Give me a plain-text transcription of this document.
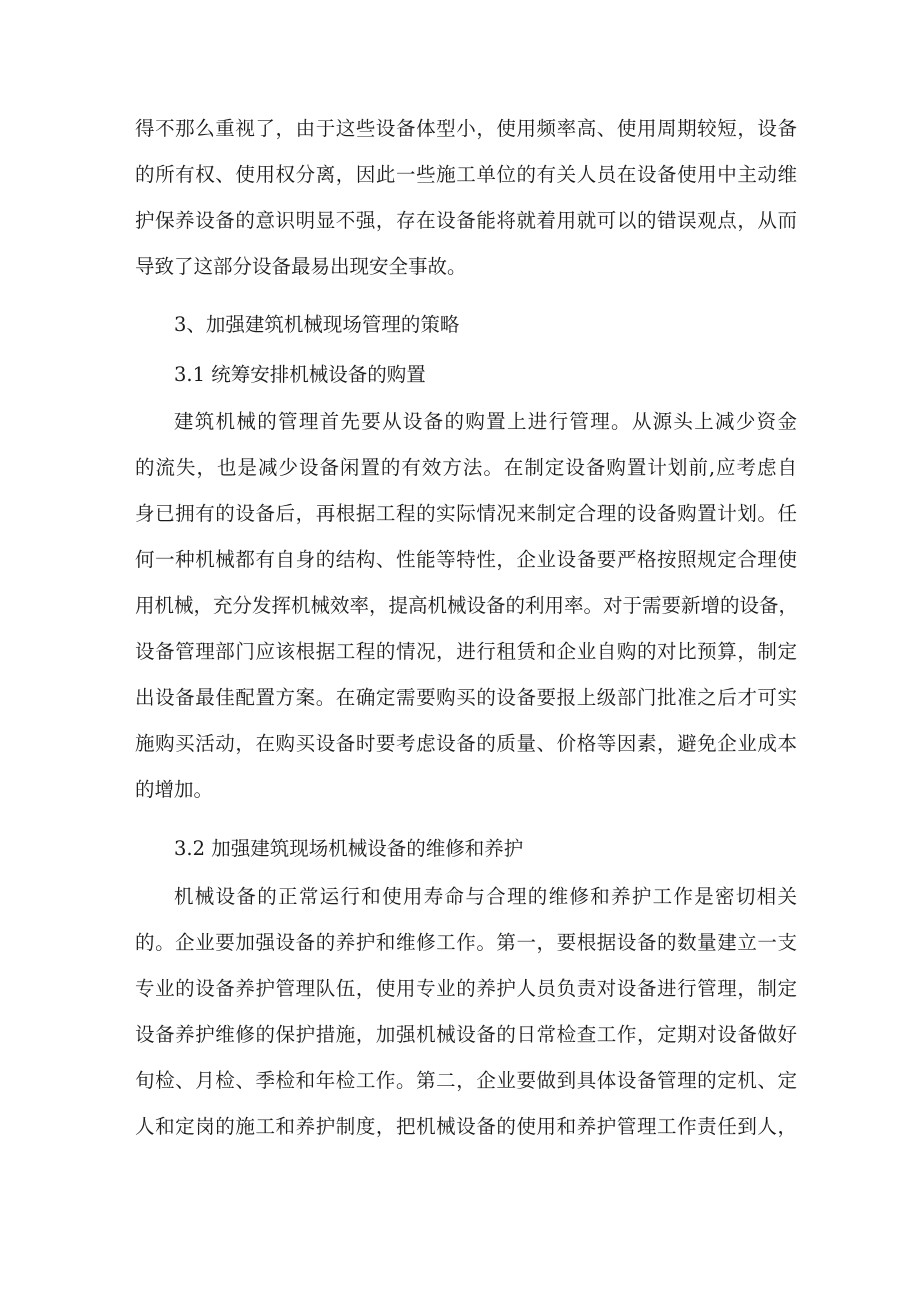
得不那么重视了，由于这些设备体型小，使用频率高、使用周期较短，设备
的所有权、使用权分离，因此一些施工单位的有关人员在设备使用中主动维
护保养设备的意识明显不强，存在设备能将就着用就可以的错误观点，从而
导致了这部分设备最易出现安全事故。
3、加强建筑机械现场管理的策略
3.1 统筹安排机械设备的购置
建筑机械的管理首先要从设备的购置上进行管理。从源头上减少资金
的流失，也是减少设备闲置的有效方法。在制定设备购置计划前,应考虑自
身已拥有的设备后，再根据工程的实际情况来制定合理的设备购置计划。任
何一种机械都有自身的结构、性能等特性，企业设备要严格按照规定合理使
用机械，充分发挥机械效率，提高机械设备的利用率。对于需要新增的设备，
设备管理部门应该根据工程的情况，进行租赁和企业自购的对比预算，制定
出设备最佳配置方案。在确定需要购买的设备要报上级部门批准之后才可实
施购买活动，在购买设备时要考虑设备的质量、价格等因素，避免企业成本
的增加。
3.2 加强建筑现场机械设备的维修和养护
机械设备的正常运行和使用寿命与合理的维修和养护工作是密切相关
的。企业要加强设备的养护和维修工作。第一，要根据设备的数量建立一支
专业的设备养护管理队伍，使用专业的养护人员负责对设备进行管理，制定
设备养护维修的保护措施，加强机械设备的日常检查工作，定期对设备做好
旬检、月检、季检和年检工作。第二，企业要做到具体设备管理的定机、定
人和定岗的施工和养护制度，把机械设备的使用和养护管理工作责任到人，
